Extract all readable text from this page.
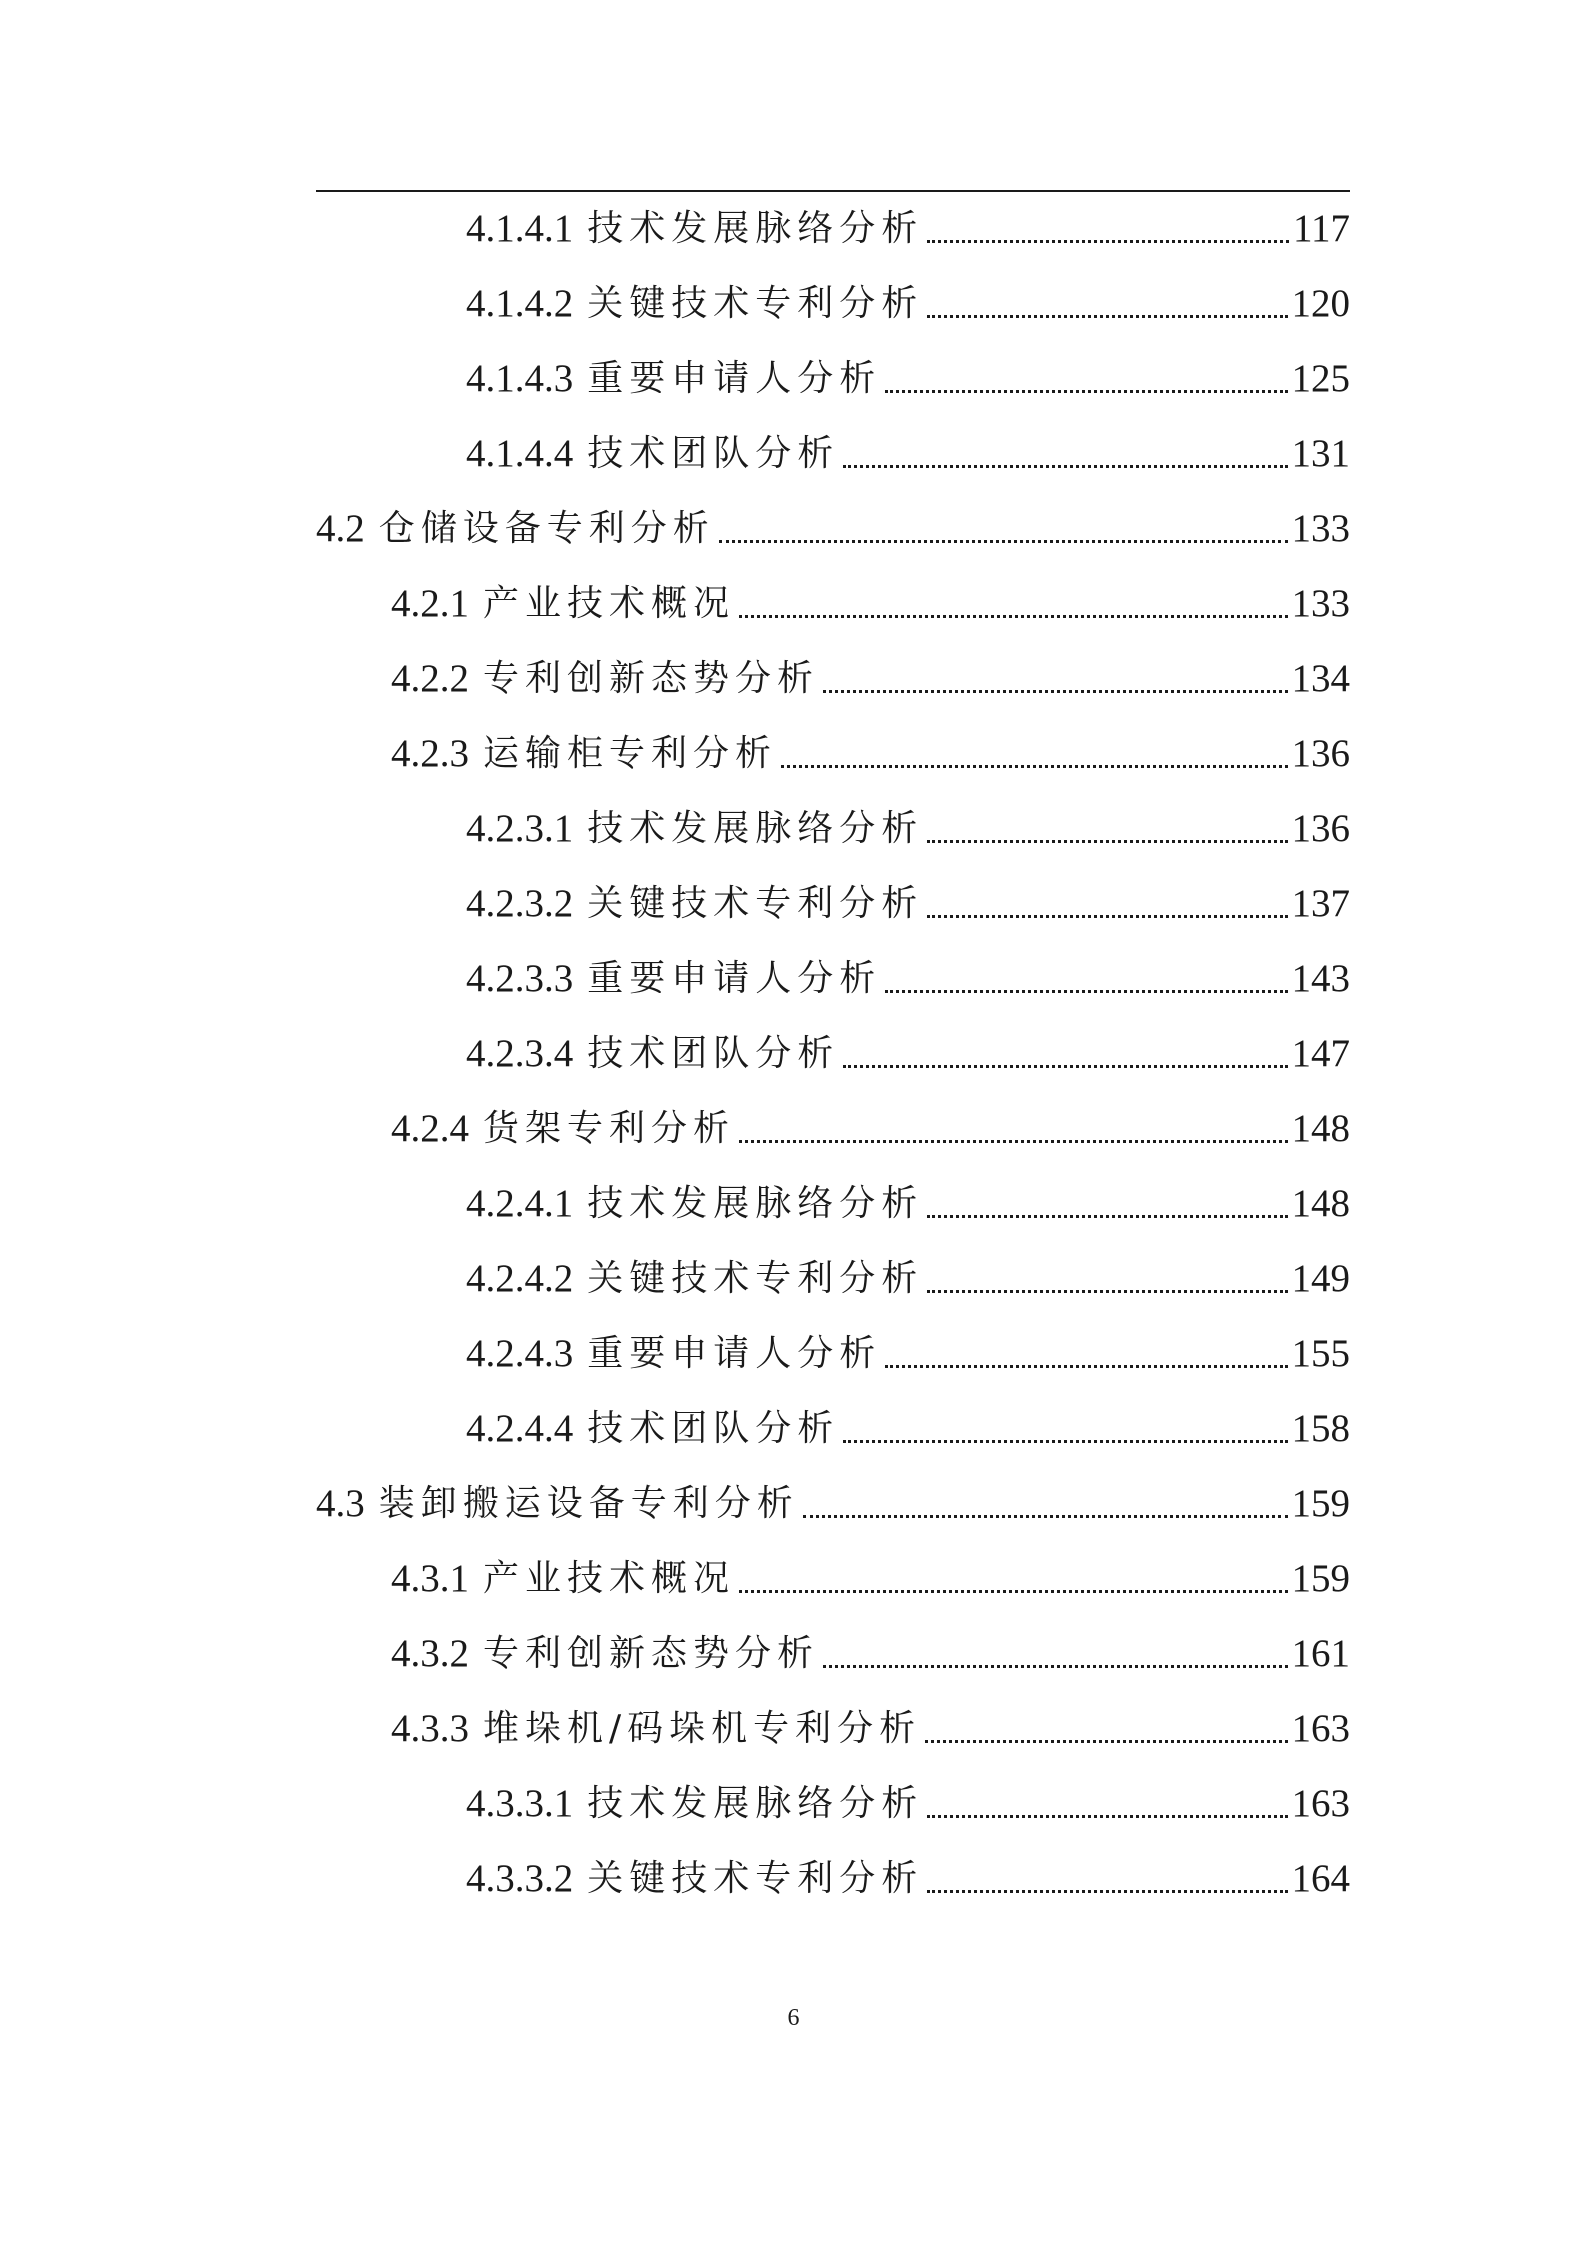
4.1.4.1 技术发展脉络分析	117
4.1.4.2 关键技术专利分析	120
4.1.4.3 重要申请人分析	125
4.1.4.4 技术团队分析	131
4.2 仓储设备专利分析	133
4.2.1 产业技术概况	133
4.2.2 专利创新态势分析	134
4.2.3 运输柜专利分析	136
4.2.3.1 技术发展脉络分析	136
4.2.3.2 关键技术专利分析	137
4.2.3.3 重要申请人分析	143
4.2.3.4 技术团队分析	147
4.2.4 货架专利分析	148
4.2.4.1 技术发展脉络分析	148
4.2.4.2 关键技术专利分析	149
4.2.4.3 重要申请人分析	155
4.2.4.4 技术团队分析	158
4.3 装卸搬运设备专利分析	159
4.3.1 产业技术概况	159
4.3.2 专利创新态势分析	161
4.3.3 堆垛机/码垛机专利分析	163
4.3.3.1 技术发展脉络分析	163
4.3.3.2 关键技术专利分析	164
6
